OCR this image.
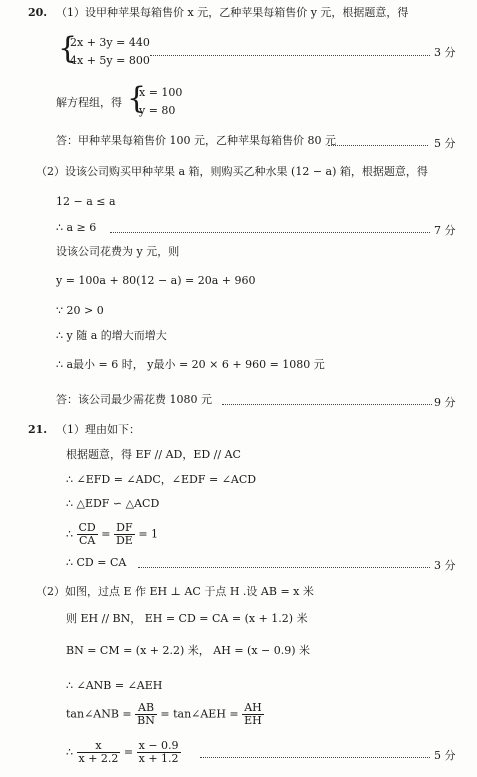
20. （1）设甲种苹果每箱售价 x 元，乙种苹果每箱售价 y 元，根据题意，得
{
2x + 3y = 440
4x + 5y = 800
3 分
解方程组，得 {
x = 100
y = 80
答：甲种苹果每箱售价 100 元，乙种苹果每箱售价 80 元	5 分
（2）设该公司购买甲种苹果 a 箱，则购买乙种水果 (12 − a) 箱，根据题意，得
12 − a ≤ a
∴ a ≥ 6	7 分
设该公司花费为 y 元，则
y = 100a + 80(12 − a) = 20a + 960
∵ 20 > 0
∴ y 随 a 的增大而增大
∴ a最小 = 6 时， y最小 = 20 × 6 + 960 = 1080 元
答：该公司最少需花费 1080 元	9 分
21. （1）理由如下：
根据题意，得 EF // AD，ED // AC
∴ ∠EFD = ∠ADC，∠EDF = ∠ACD
∴ △EDF ∽ △ACD
∴ $\frac{CD}{CA} = \frac{DF}{DE} = 1$
∴ CD = CA	3 分
（2）如图，过点 E 作 EH ⊥ AC 于点 H .设 AB = x 米
则 EH // BN， EH = CD = CA = (x + 1.2) 米
BN = CM = (x + 2.2) 米， AH = (x − 0.9) 米
∴ ∠ANB = ∠AEH
tan∠ANB = $\frac{AB}{BN}$ = tan∠AEH = $\frac{AH}{EH}$
∴ $\frac{x}{x + 2.2} = \frac{x - 0.9}{x + 1.2}$	5 分
